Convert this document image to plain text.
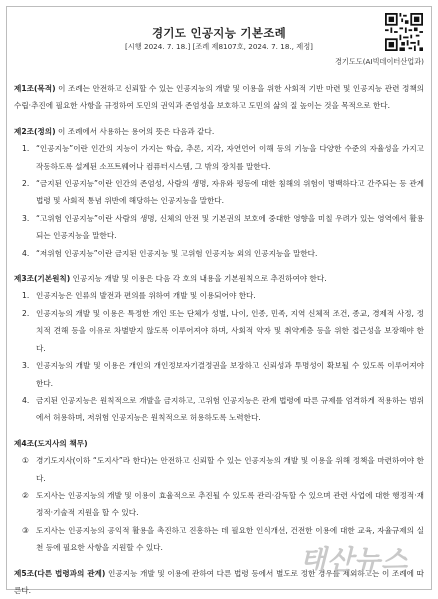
경기도 인공지능 기본조례
[시행 2024. 7. 18.] [조례 제8107호, 2024. 7. 18., 제정]
경기도도(AI빅데이터산업과)

제1조(목적) 이 조례는 안전하고 신뢰할 수 있는 인공지능의 개발 및 이용을 위한 사회적 기반 마련 및 인공지능 관련 정책의 수립·추진에 필요한 사항을 규정하여 도민의 권익과 존엄성을 보호하고 도민의 삶의 질 높이는 것을 목적으로 한다.

제2조(정의) 이 조례에서 사용하는 용어의 뜻은 다음과 같다.

1. “인공지능”이란 인간의 지능이 가지는 학습, 추론, 지각, 자연언어 이해 등의 기능을 다양한 수준의 자율성을 가지고 작동하도록 설계된 소프트웨어나 컴퓨터시스템, 그 밖의 장치를 말한다.
2. “금지된 인공지능”이란 인간의 존엄성, 사람의 생명, 자유와 평등에 대한 침해의 위험이 명백하다고 간주되는 등 관계 법령 및 사회적 통념 위반에 해당하는 인공지능을 말한다.
3. “고위험 인공지능”이란 사람의 생명, 신체의 안전 및 기본권의 보호에 중대한 영향을 미칠 우려가 있는 영역에서 활용되는 인공지능을 말한다.
4. “저위험 인공지능”이란 금지된 인공지능 및 고위험 인공지능 외의 인공지능을 말한다.

제3조(기본원칙) 인공지능 개발 및 이용은 다음 각 호의 내용을 기본원칙으로 추진하여야 한다.

1. 인공지능은 인류의 발전과 편의를 위하여 개발 및 이용되어야 한다.
2. 인공지능의 개발 및 이용은 특정한 개인 또는 단체가 성별, 나이, 인종, 민족, 지역 신체적 조건, 종교, 경제적 사정, 정치적 견해 등을 이유로 차별받지 않도록 이루어져야 하며, 사회적 약자 및 취약계층 등을 위한 접근성을 보장해야 한다.
3. 인공지능의 개발 및 이용은 개인의 개인정보자기결정권을 보장하고 신뢰성과 투명성이 확보될 수 있도록 이루어져야 한다.
4. 금지된 인공지능은 원칙적으로 개발을 금지하고, 고위험 인공지능은 관계 법령에 따른 규제를 엄격하게 적용하는 범위에서 허용하며, 저위험 인공지능은 원칙적으로 허용하도록 노력한다.

제4조(도지사의 책무)

① 경기도지사(이하 “도지사”라 한다)는 안전하고 신뢰할 수 있는 인공지능의 개발 및 이용을 위해 정책을 마련하여야 한다.
② 도지사는 인공지능의 개발 및 이용이 효율적으로 추진될 수 있도록 관리·감독할 수 있으며 관련 사업에 대한 행정적·재정적·기술적 지원을 할 수 있다.
③ 도지사는 인공지능의 공익적 활용을 촉진하고 진흥하는 데 필요한 인식개선, 건전한 이용에 대한 교육, 자율규제의 실천 등에 필요한 사항을 지원할 수 있다.

제5조(다른 법령과의 관계) 인공지능 개발 및 이용에 관하여 다른 법령 등에서 별도로 정한 경우를 제외하고는 이 조례에 따른다.

태산뉴스
